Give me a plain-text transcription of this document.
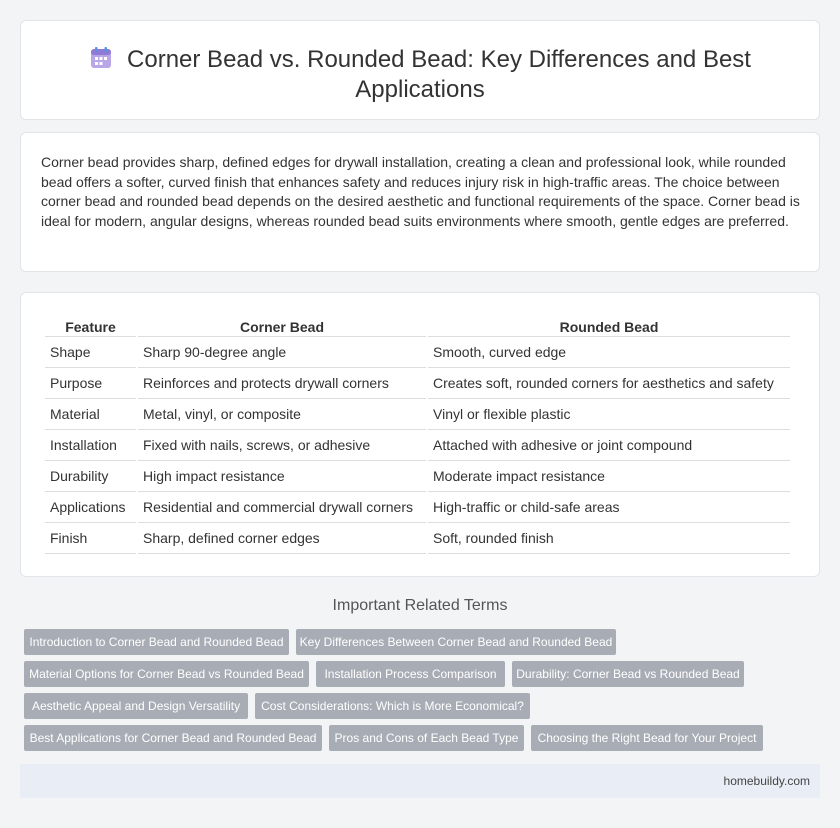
Corner Bead vs. Rounded Bead: Key Differences and Best
Applications

Corner bead provides sharp, defined edges for drywall installation, creating a clean and professional look, while rounded bead offers a softer, curved finish that enhances safety and reduces injury risk in high-traffic areas. The choice between corner bead and rounded bead depends on the desired aesthetic and functional requirements of the space. Corner bead is ideal for modern, angular designs, whereas rounded bead suits environments where smooth, gentle edges are preferred.

Feature	Corner Bead	Rounded Bead
Shape	Sharp 90-degree angle	Smooth, curved edge
Purpose	Reinforces and protects drywall corners	Creates soft, rounded corners for aesthetics and safety
Material	Metal, vinyl, or composite	Vinyl or flexible plastic
Installation	Fixed with nails, screws, or adhesive	Attached with adhesive or joint compound
Durability	High impact resistance	Moderate impact resistance
Applications	Residential and commercial drywall corners	High-traffic or child-safe areas
Finish	Sharp, defined corner edges	Soft, rounded finish
Important Related Terms
Introduction to Corner Bead and Rounded Bead	Key Differences Between Corner Bead and Rounded Bead
Material Options for Corner Bead vs Rounded Bead	Installation Process Comparison	Durability: Corner Bead vs Rounded Bead
Aesthetic Appeal and Design Versatility	Cost Considerations: Which is More Economical?
Best Applications for Corner Bead and Rounded Bead	Pros and Cons of Each Bead Type	Choosing the Right Bead for Your Project
homebuildy.com
